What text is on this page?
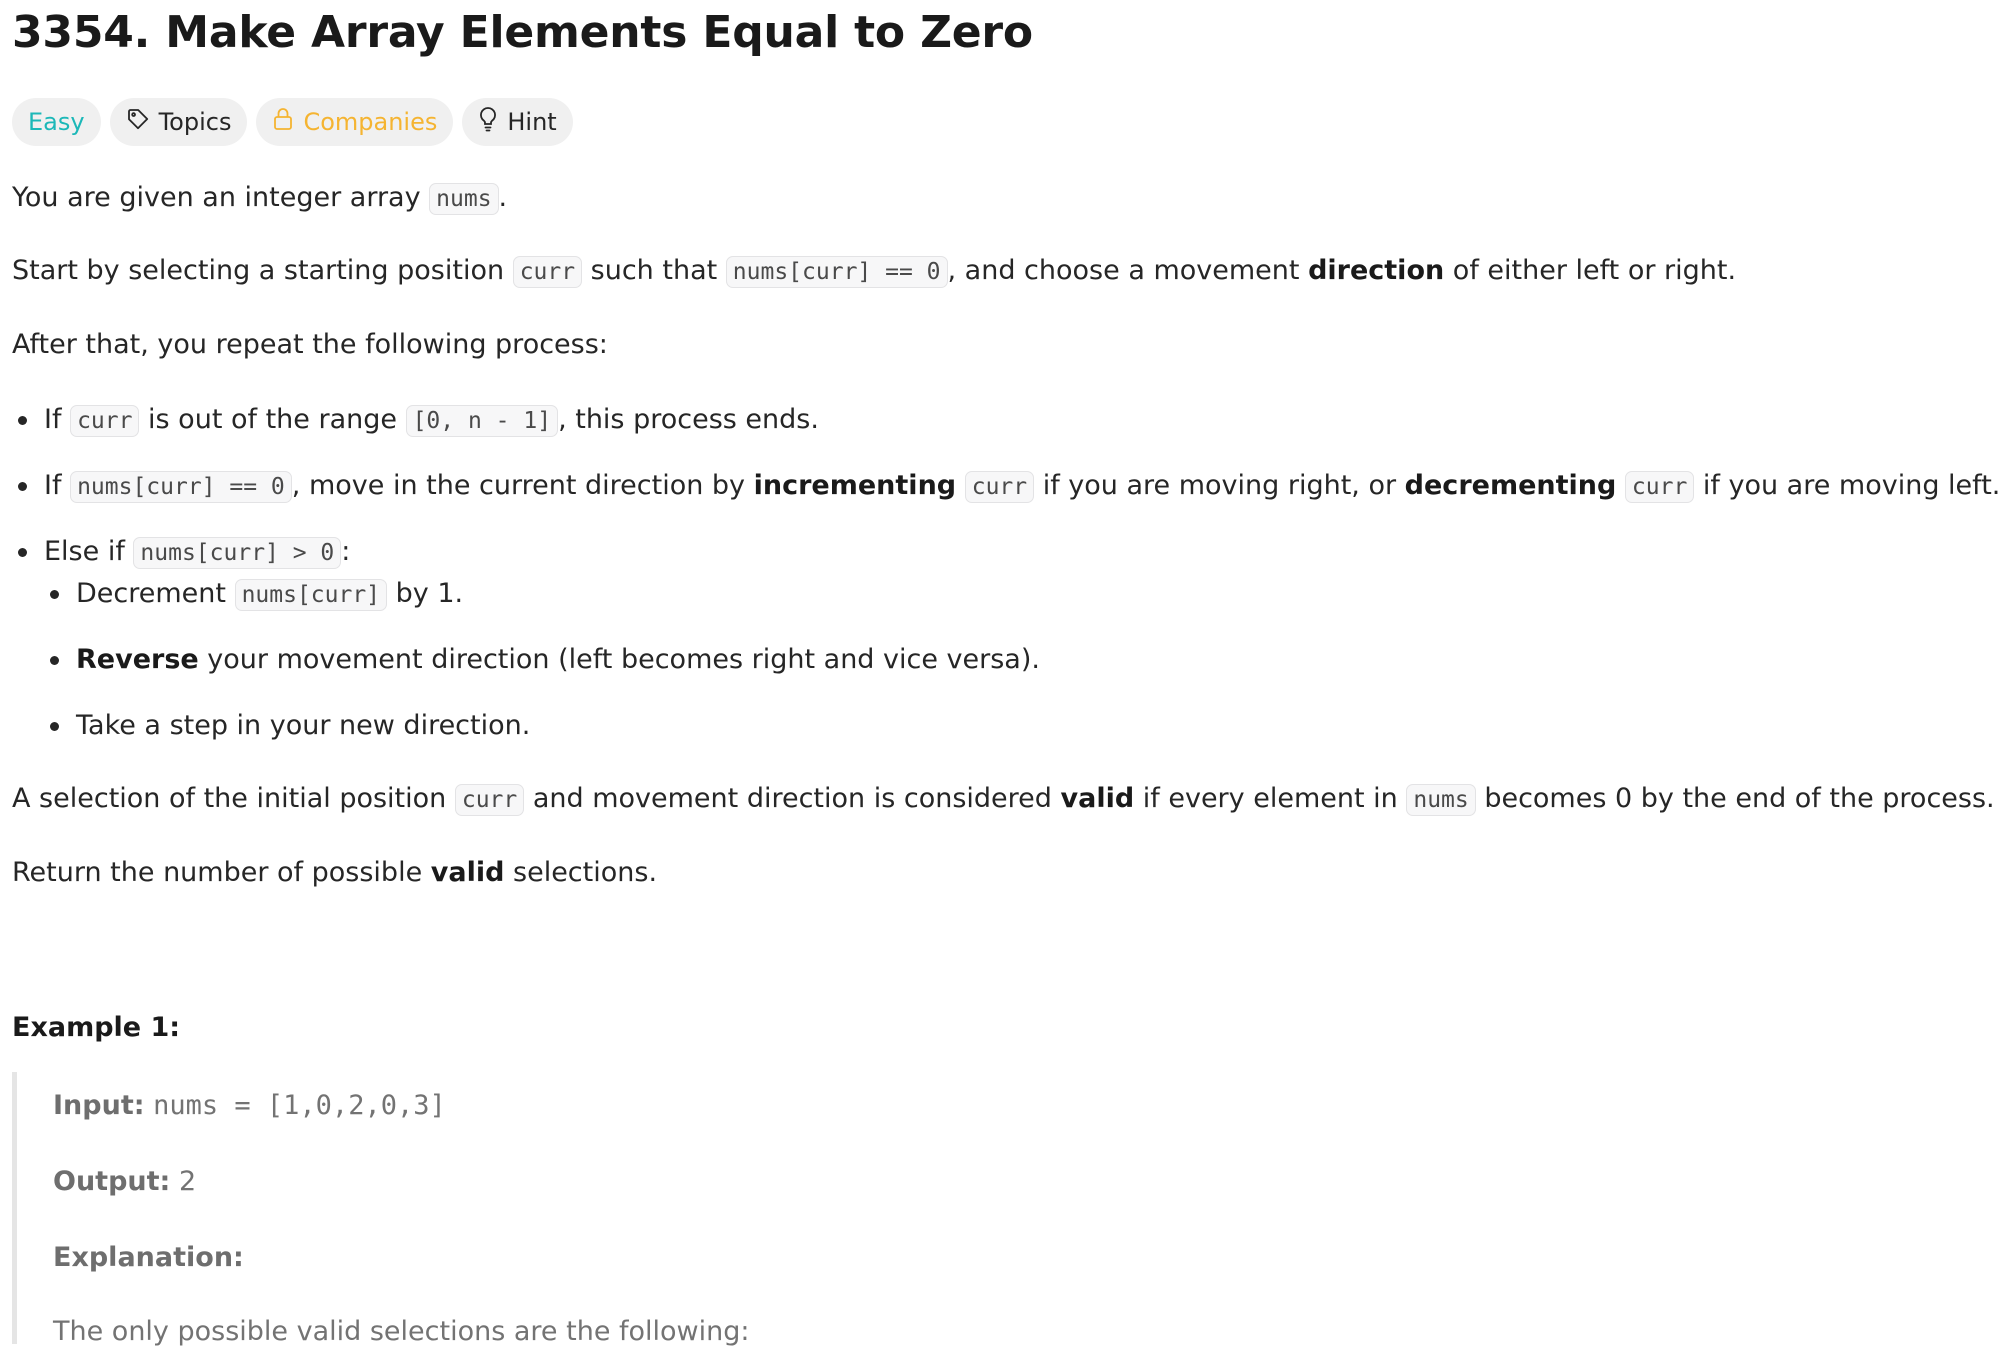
3354. Make Array Elements Equal to Zero
Easy	Topics	Companies	Hint

You are given an integer array nums .

Start by selecting a starting position curr such that nums[curr] == 0 , and choose a movement direction of either left or right.

After that, you repeat the following process:

If curr is out of the range [0, n - 1] , this process ends.
If nums[curr] == 0 , move in the current direction by incrementing curr if you are moving right, or decrementing curr if you are moving left.
Else if nums[curr] > 0 :
Decrement nums[curr] by 1.
Reverse your movement direction (left becomes right and vice versa).
Take a step in your new direction.

A selection of the initial position curr and movement direction is considered valid if every element in nums becomes 0 by the end of the process.

Return the number of possible valid selections.

Example 1:
Input: nums = [1,0,2,0,3]
Output: 2
Explanation:
The only possible valid selections are the following:
